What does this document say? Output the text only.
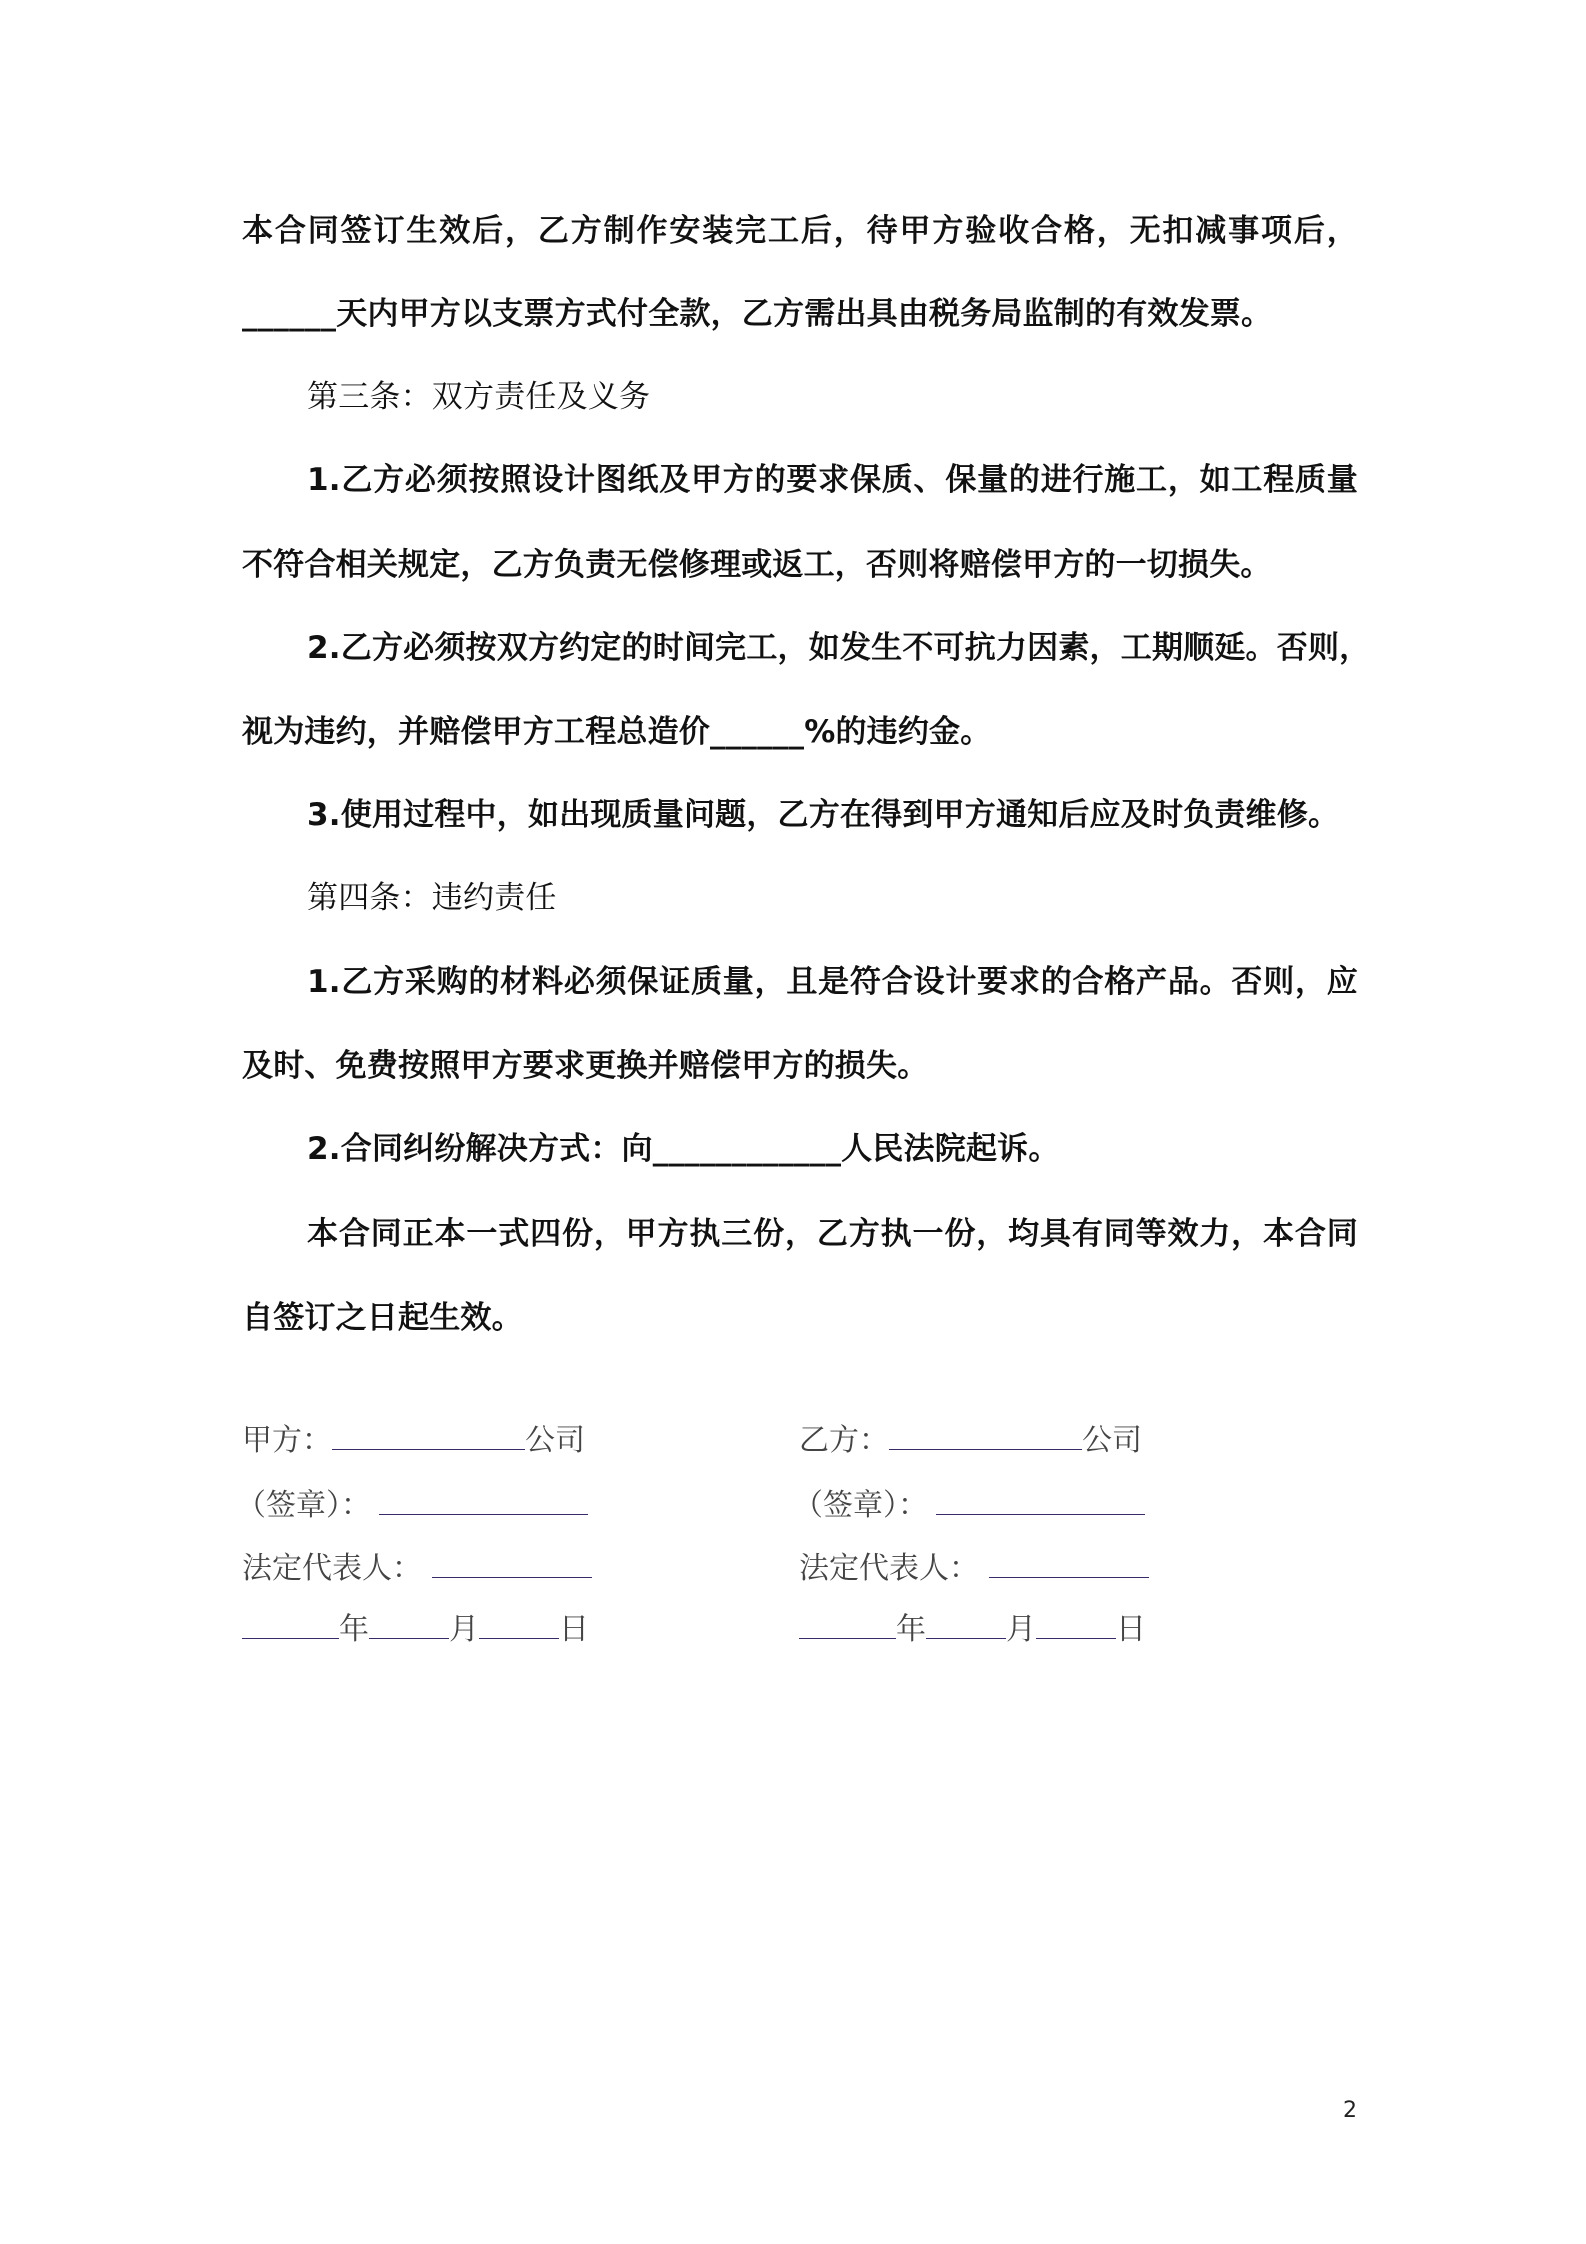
本合同签订生效后，乙方制作安装完工后，待甲方验收合格，无扣减事项后，
______天内甲方以支票方式付全款，乙方需出具由税务局监制的有效发票。
第三条：双方责任及义务
1.乙方必须按照设计图纸及甲方的要求保质、保量的进行施工，如工程质量
不符合相关规定，乙方负责无偿修理或返工，否则将赔偿甲方的一切损失。
2.乙方必须按双方约定的时间完工，如发生不可抗力因素，工期顺延。否则，
视为违约，并赔偿甲方工程总造价______%的违约金。
3.使用过程中，如出现质量问题，乙方在得到甲方通知后应及时负责维修。
第四条：违约责任
1.乙方采购的材料必须保证质量，且是符合设计要求的合格产品。否则，应
及时、免费按照甲方要求更换并赔偿甲方的损失。
2.合同纠纷解决方式：向____________人民法院起诉。
本合同正本一式四份，甲方执三份，乙方执一份，均具有同等效力，本合同
自签订之日起生效。
甲方：	公司
（签章）：
法定代表人：
年	月	日
乙方：	公司
（签章）：
法定代表人：
年	月	日
2
